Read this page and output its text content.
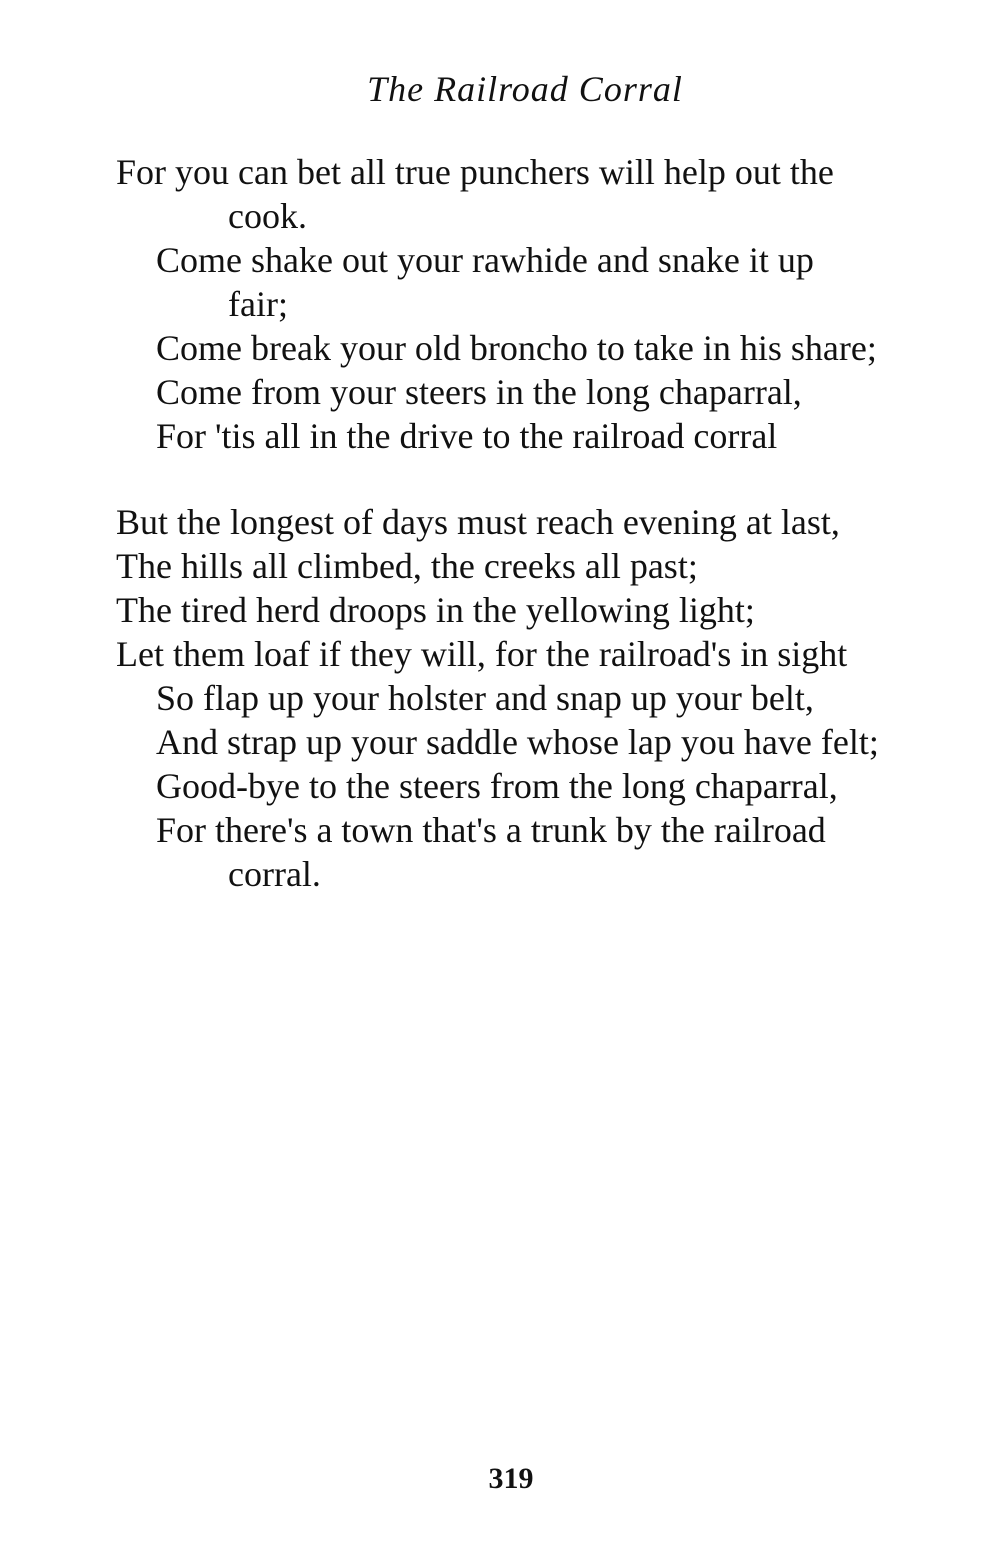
The Railroad Corral
For you can bet all true punchers will help out the
cook.
Come shake out your rawhide and snake it up
fair;
Come break your old broncho to take in his share;
Come from your steers in the long chaparral,
For 'tis all in the drive to the railroad corral
But the longest of days must reach evening at last,
The hills all climbed, the creeks all past;
The tired herd droops in the yellowing light;
Let them loaf if they will, for the railroad's in sight
So flap up your holster and snap up your belt,
And strap up your saddle whose lap you have felt;
Good-bye to the steers from the long chaparral,
For there's a town that's a trunk by the railroad
corral.
319
